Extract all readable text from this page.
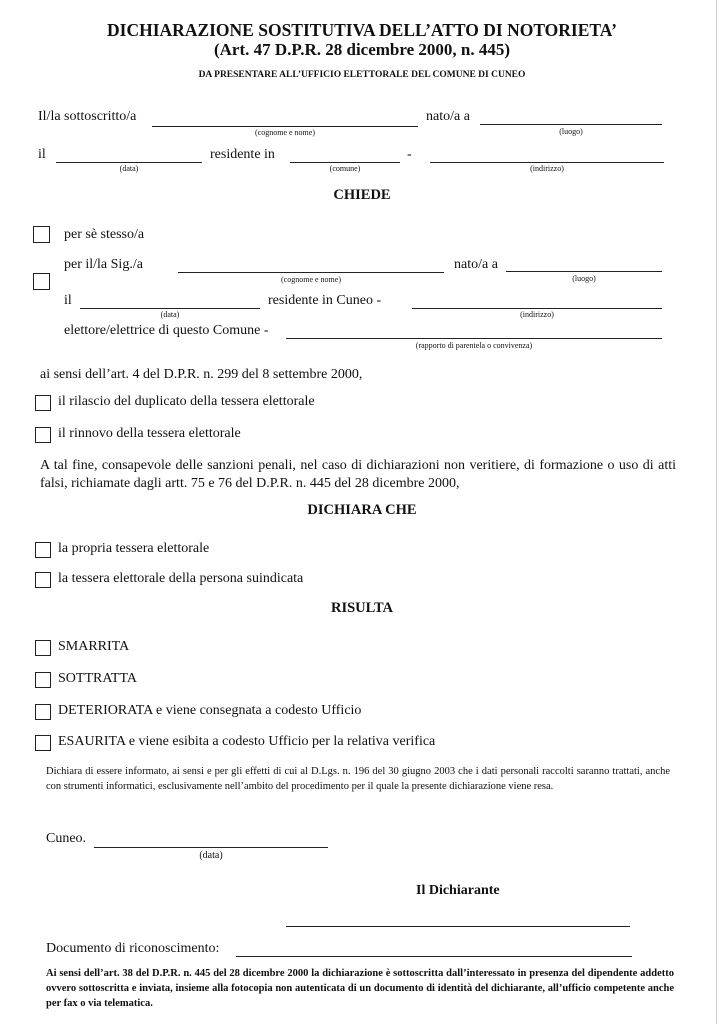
DICHIARAZIONE SOSTITUTIVA DELL’ATTO DI NOTORIETA’
(Art. 47 D.P.R. 28 dicembre 2000, n. 445)
DA PRESENTARE ALL’UFFICIO ELETTORALE DEL COMUNE DI CUNEO
Il/la sottoscritto/a
(cognome e nome)
nato/a a
(luogo)
il
(data)
residente in
(comune)
-
(indirizzo)
CHIEDE
per sè stesso/a
per il/la Sig./a
(cognome e nome)
nato/a a
(luogo)
il
(data)
residente in Cuneo -
(indirizzo)
elettore/elettrice di questo Comune -
(rapporto di parentela o convivenza)
ai sensi dell’art. 4 del D.P.R. n. 299 del 8 settembre 2000,
il rilascio del duplicato della tessera elettorale
il rinnovo della tessera elettorale
A tal fine, consapevole delle sanzioni penali, nel caso di dichiarazioni non veritiere, di formazione o uso di atti falsi, richiamate dagli artt. 75 e 76 del D.P.R. n. 445 del 28 dicembre 2000,
DICHIARA CHE
la propria tessera elettorale
la tessera elettorale della persona suindicata
RISULTA
SMARRITA
SOTTRATTA
DETERIORATA e viene consegnata a codesto Ufficio
ESAURITA e viene esibita a codesto Ufficio per la relativa verifica
Dichiara di essere informato, ai sensi e per gli effetti di cui al D.Lgs. n. 196 del 30 giugno 2003 che i dati personali raccolti saranno trattati, anche con strumenti informatici, esclusivamente nell’ambito del procedimento per il quale la presente dichiarazione viene resa.
Cuneo.
(data)
Il Dichiarante
Documento di riconoscimento:
Ai sensi dell’art. 38 del D.P.R. n. 445 del 28 dicembre 2000 la dichiarazione è sottoscritta dall’interessato in presenza del dipendente addetto ovvero sottoscritta e inviata, insieme alla fotocopia non autenticata di un documento di identità del dichiarante, all’ufficio competente anche per fax o via telematica.
